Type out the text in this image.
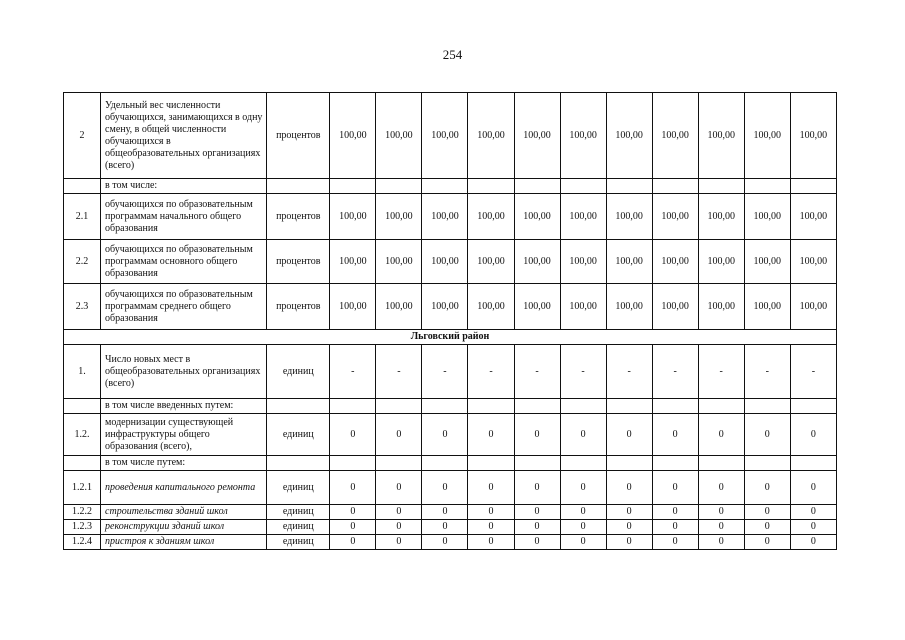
254
2	Удельный вес численности обучающихся, занимающихся в одну смену, в общей численности обучающихся в общеобразовательных организациях (всего)	процентов	100,00	100,00	100,00	100,00	100,00	100,00	100,00	100,00	100,00	100,00	100,00
	в том числе:												
2.1	обучающихся по образовательным программам начального общего образования	процентов	100,00	100,00	100,00	100,00	100,00	100,00	100,00	100,00	100,00	100,00	100,00
2.2	обучающихся по образовательным программам основного общего образования	процентов	100,00	100,00	100,00	100,00	100,00	100,00	100,00	100,00	100,00	100,00	100,00
2.3	обучающихся по образовательным программам среднего общего образования	процентов	100,00	100,00	100,00	100,00	100,00	100,00	100,00	100,00	100,00	100,00	100,00
Льговский район													
1.	Число новых мест в общеобразовательных организациях (всего)	единиц	-	-	-	-	-	-	-	-	-	-	-
	в том числе введенных путем:												
1.2.	модернизации существующей инфраструктуры общего образования (всего),	единиц	0	0	0	0	0	0	0	0	0	0	0
	в том числе путем:												
1.2.1	проведения капитального ремонта	единиц	0	0	0	0	0	0	0	0	0	0	0
1.2.2	строительства зданий школ	единиц	0	0	0	0	0	0	0	0	0	0	0
1.2.3	реконструкции зданий школ	единиц	0	0	0	0	0	0	0	0	0	0	0
1.2.4	пристроя к зданиям школ	единиц	0	0	0	0	0	0	0	0	0	0	0
